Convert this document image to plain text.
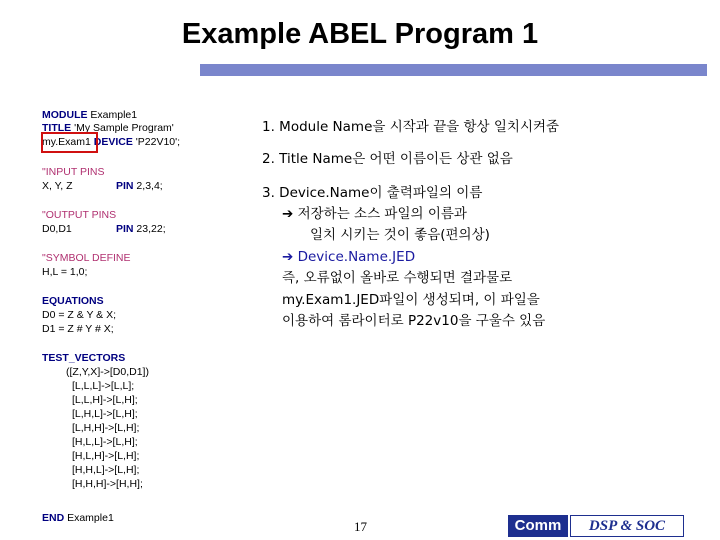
Example ABEL Program 1
MODULE Example1
TITLE 'My Sample Program'
my.Exam1 DEVICE 'P22V10';
"INPUT PINS
X, Y, Z	PIN 2,3,4;
"OUTPUT PINS
D0,D1	PIN 23,22;
"SYMBOL DEFINE
H,L = 1,0;
EQUATIONS
D0 = Z & Y & X;
D1 = Z # Y # X;
TEST_VECTORS
([Z,Y,X]->[D0,D1])
[L,L,L]->[L,L];
[L,L,H]->[L,H];
[L,H,L]->[L,H];
[L,H,H]->[L,H];
[H,L,L]->[L,H];
[H,L,H]->[L,H];
[H,H,L]->[L,H];
[H,H,H]->[H,H];
END Example1
1. Module Name을 시작과 끝을 항상 일치시켜줌
2. Title Name은 어떤 이름이든 상관 없음
3. Device.Name이 출력파일의 이름
➔ 저장하는 소스 파일의 이름과
일치 시키는 것이 좋음(편의상)
➔ Device.Name.JED
즉, 오류없이 올바로 수행되면 결과물로
my.Exam1.JED파일이 생성되며, 이 파일을
이용하여 롬라이터로 P22v10을 구울수 있음
17	Comm	DSP & SOC
